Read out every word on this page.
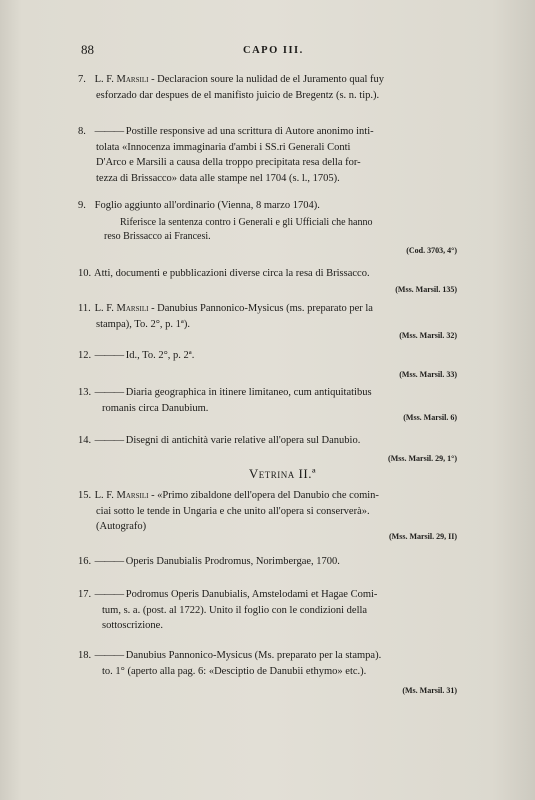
88	CAPO III.
7. L. F. Marsili - Declaracion soure la nulidad de el Juramento qual fuy
esforzado dar despues de el manifisto juicio de Bregentz (s. n. tip.).
8. ——— Postille responsive ad una scrittura di Autore anonimo inti-
tolata «Innocenza immaginaria d'ambi i SS.ri Generali Conti
D'Arco e Marsili a causa della troppo precipitata resa della for-
tezza di Brissacco» data alle stampe nel 1704 (s. l., 1705).
9. Foglio aggiunto all'ordinario (Vienna, 8 marzo 1704).
Riferisce la sentenza contro i Generali e gli Ufficiali che hanno
reso Brissacco ai Francesi.
(Cod. 3703, 4°)
10. Atti, documenti e pubblicazioni diverse circa la resa di Brissacco.
(Mss. Marsil. 135)
11. L. F. Marsili - Danubius Pannonico-Mysicus (ms. preparato per la
stampa), To. 2°, p. 1ª).
(Mss. Marsil. 32)
12. ——— Id., To. 2°, p. 2ª.
(Mss. Marsil. 33)
13. ——— Diaria geographica in itinere limitaneo, cum antiquitatibus
romanis circa Danubium.
(Mss. Marsil. 6)
14. ——— Disegni di antichità varie relative all'opera sul Danubio.
(Mss. Marsil. 29, 1°)
Vetrina II.ª
15. L. F. Marsili - «Primo zibaldone dell'opera del Danubio che comin-
ciai sotto le tende in Ungaria e che unito all'opera si conserverà».
(Autografo)
(Mss. Marsil. 29, II)
16. ——— Operis Danubialis Prodromus, Norimbergae, 1700.
17. ——— Podromus Operis Danubialis, Amstelodami et Hagae Comi-
tum, s. a. (post. al 1722). Unito il foglio con le condizioni della
sottoscrizione.
18. ——— Danubius Pannonico-Mysicus (Ms. preparato per la stampa).
to. 1° (aperto alla pag. 6: «Desciptio de Danubii ethymo» etc.).
(Ms. Marsil. 31)
